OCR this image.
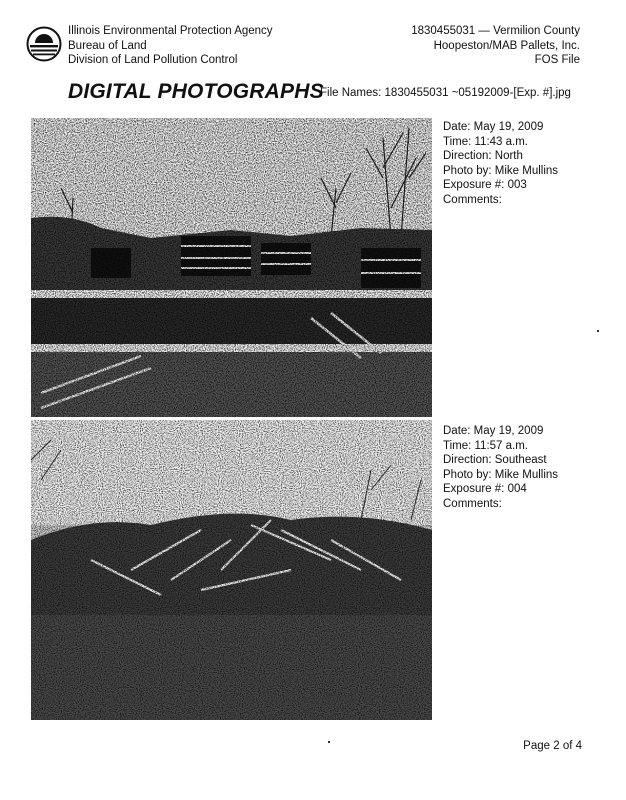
Illinois Environmental Protection Agency
Bureau of Land
Division of Land Pollution Control
1830455031 — Vermilion County
Hoopeston/MAB Pallets, Inc.
FOS File
DIGITAL PHOTOGRAPHS
File Names: 1830455031 ~05192009-[Exp. #].jpg
Date: May 19, 2009
Time: 11:43 a.m.
Direction: North
Photo by: Mike Mullins
Exposure #: 003
Comments:
Date: May 19, 2009
Time: 11:57 a.m.
Direction: Southeast
Photo by: Mike Mullins
Exposure #: 004
Comments:
Page 2 of 4
